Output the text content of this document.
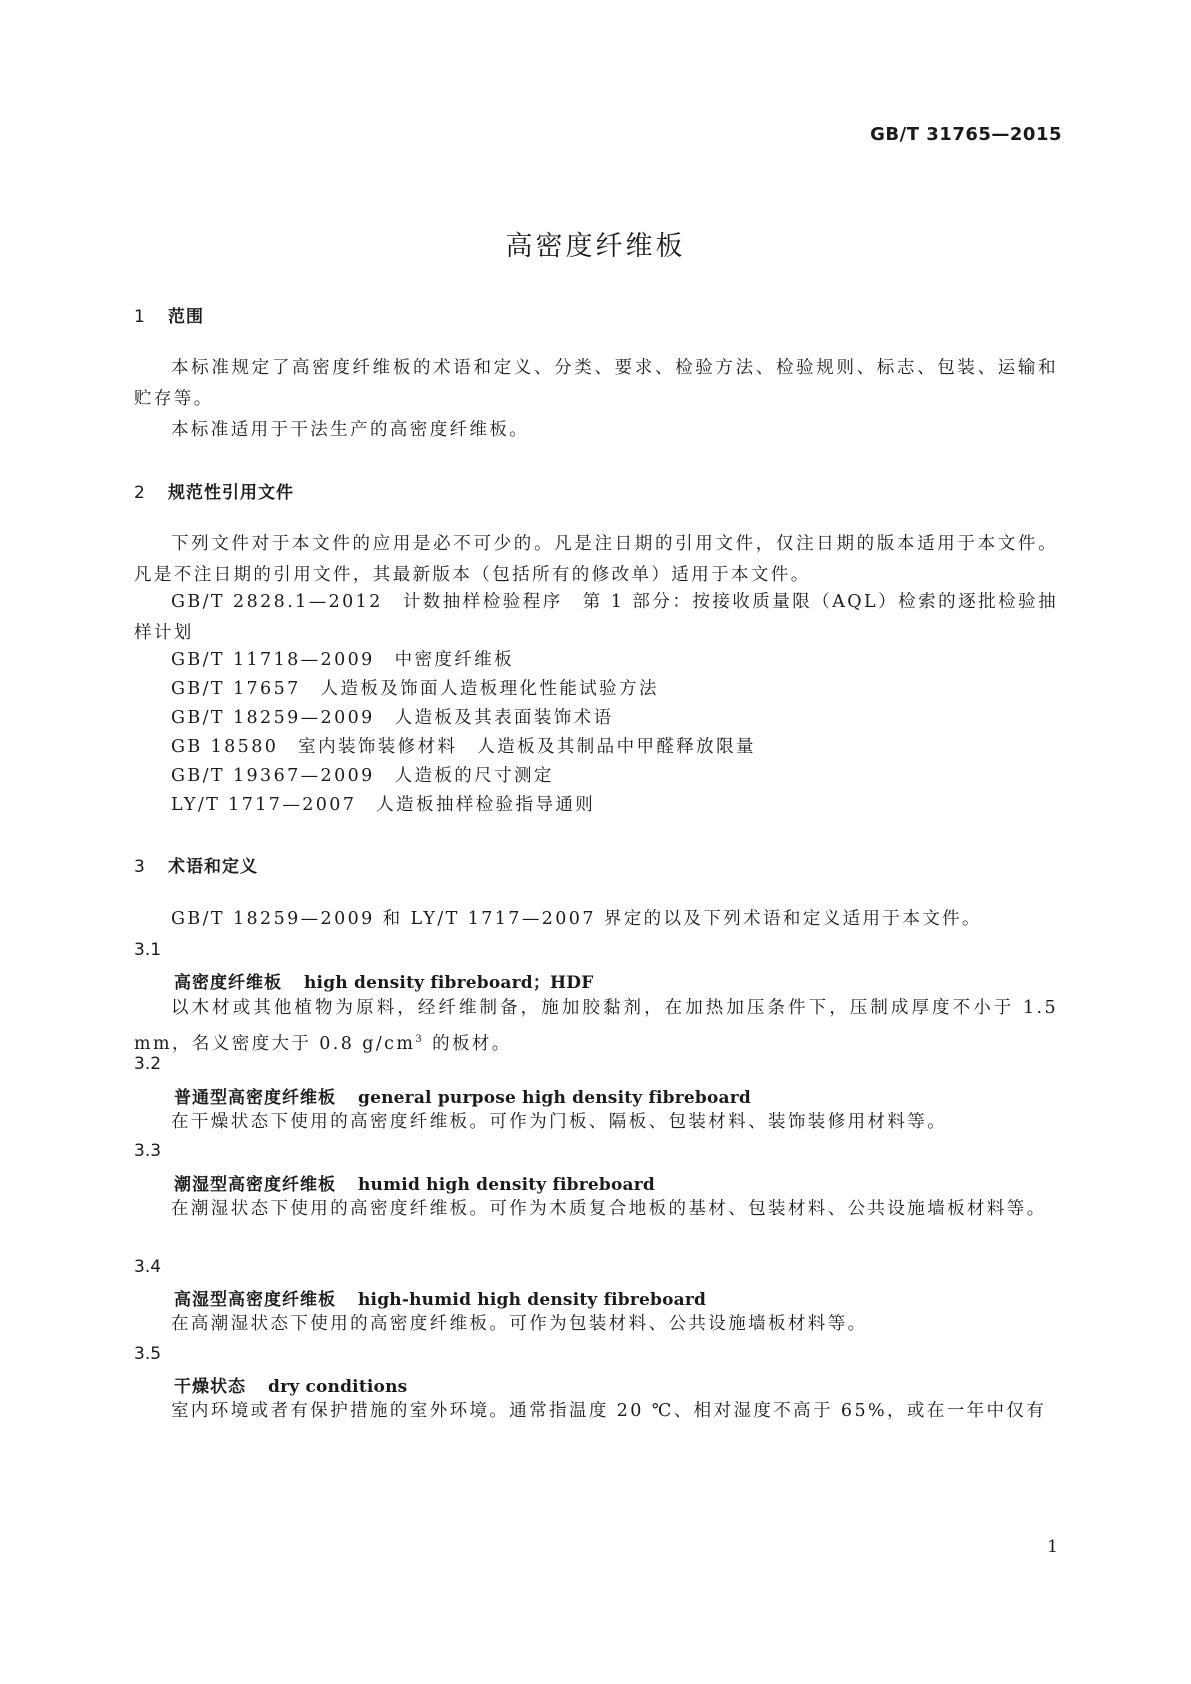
GB/T 31765—2015
高密度纤维板
1 范围
本标准规定了高密度纤维板的术语和定义、分类、要求、检验方法、检验规则、标志、包装、运输和贮存等。
本标准适用于干法生产的高密度纤维板。
2 规范性引用文件
下列文件对于本文件的应用是必不可少的。凡是注日期的引用文件，仅注日期的版本适用于本文件。凡是不注日期的引用文件，其最新版本（包括所有的修改单）适用于本文件。
GB/T 2828.1—2012　计数抽样检验程序　第 1 部分：按接收质量限（AQL）检索的逐批检验抽样计划
GB/T 11718—2009　中密度纤维板
GB/T 17657　人造板及饰面人造板理化性能试验方法
GB/T 18259—2009　人造板及其表面装饰术语
GB 18580　室内装饰装修材料　人造板及其制品中甲醛释放限量
GB/T 19367—2009　人造板的尺寸测定
LY/T 1717—2007　人造板抽样检验指导通则
3 术语和定义
GB/T 18259—2009 和 LY/T 1717—2007 界定的以及下列术语和定义适用于本文件。
3.1
高密度纤维板 high density fibreboard；HDF
以木材或其他植物为原料，经纤维制备，施加胶黏剂，在加热加压条件下，压制成厚度不小于 1.5 mm，名义密度大于 0.8 $g/cm^3$ 的板材。
3.2
普通型高密度纤维板 general purpose high density fibreboard
在干燥状态下使用的高密度纤维板。可作为门板、隔板、包装材料、装饰装修用材料等。
3.3
潮湿型高密度纤维板 humid high density fibreboard
在潮湿状态下使用的高密度纤维板。可作为木质复合地板的基材、包装材料、公共设施墙板材料等。
3.4
高湿型高密度纤维板 high-humid high density fibreboard
在高潮湿状态下使用的高密度纤维板。可作为包装材料、公共设施墙板材料等。
3.5
干燥状态 dry conditions
室内环境或者有保护措施的室外环境。通常指温度 20 ℃、相对湿度不高于 65%，或在一年中仅有
1
